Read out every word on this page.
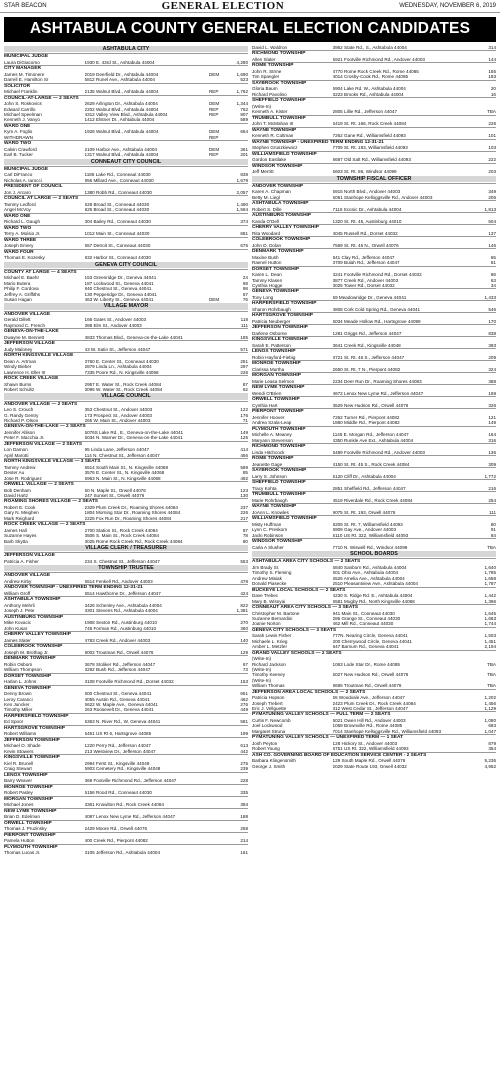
STAR BEACON	GENERAL ELECTION	WEDNESDAY, NOVEMBER 6, 2019
ASHTABULA COUNTY GENERAL ELECTION CANDIDATES
ASHTABULA CITY
MUNICIPAL JUDGE
Laura DiGiacomo	1930 E. 43rd St., Ashtabula 44004	4,280
CITY MANAGER
James M. Timonere	2019 Deerfield Dr., Ashtabula 44004	DEM	1,690
Darrell E. Hamilton Sr	5812 Runel Ave., Ashtabula 44004	523
SOLICITOR
Michael Franklin	2135 Walnut Blvd., Ashtabula 44004	REP	1,762
COUNCIL-AT-LARGE — 2 SEATS
John S. Roskovics	2629 Arlington Dr., Ashtabula 44004	DEM	1,344
Edward Carrillo	2202 Walnut Blvd., Ashtabula 44004	REP	762
Michael Speelman	4312 Valley View Blvd., Ashtabula 44004	REP	807
Kenneth J. Vanyo	1412 Elstner Dr., Ashtabula 44004	589
WARD ONE
Kym A. Foglio	1926 Walnut Blvd., Ashtabula 44004	DEM	664
WITHDRAWN	REP
WARD TWO
Calvin Crawford	2109 Harbor Ave., Ashtabula 44004	DEM	361
Earl B. Tucker	1317 Walnut Blvd., Ashtabula 44004	REP	201
CONNEAUT CITY COUNCIL
MUNICIPAL JUDGE
Carl DiFranco	1185 Lake Rd., Conneaut 44030	838
Nicholas A. Iarocci	856 Millard Ave., Conneaut 44030	1,679
PRESIDENT OF COUNCIL
Jon J. Arcaro	1380 Robb Rd., Conneaut 44030	2,057
COUNCIL AT LARGE — 2 SEATS
Tammy Ledford	628 Broad St., Conneaut 44030	1,490
Angel McVoy	925 Broad St., Conneaut 44030	1,594
WARD ONE
Richard L. Gaugh	304 Bailey Rd., Conneaut 44030	374
WARD TWO
Terry A. Moisio Jr.	1012 Main St., Conneaut 44030	681
WARD THREE
Joseph Emery	657 Detroit St., Conneaut 44030	675
WARD FOUR
Thomas E. Kozesky	832 Harbor St., Conneaut 44030
GENEVA CITY COUNCIL
COUNTY AT LARGE — 4 SEATS
Michael E. Baehr	153 Greenridge Dr., Geneva 44041	24
Mario Butera	187 Lockwood St., Geneva 44041	69
Philip F. Cordova	840 Chestnut St., Geneva 44041	98
Jeffrey A. Griffiths	130 Pepperidge Dr., Geneva 44041	67
Susan Hagan	463 W. Liberty St., Geneva 44041	DEM	76
VILLAGE MAYOR
ANDOVER VILLAGE
Gerald Dillett	166 Gates St., Andover 44003	118
Raymond C. French	388 Elm St., Andover 44003	111
GENEVA-ON-THE-LAKE
Dwayne M. Bennett	4833 Thomas Blvd., Geneva-on-the-Lake 44041	185
JEFFERSON VILLAGE
Judy Maloney	43 W. Satin St., Jefferson 44047	571
NORTH KINGSVILLE VILLAGE
Dean A. Artman	3760 E. Center St., Conneaut 44030	251
Windy Bieber	2879 Linda Ln., Ashtabula 44004	297
Lawrence H. Eller III	7335 Poore Rd., N. Kingsville 44068	226
ROCK CREEK VILLAGE
Shawn Burns	2957 E. Water St., Rock Creek 44084	87
Robert Schultz	3096 W. Water St., Rock Creek 44084	62
VILLAGE COUNCIL
ANDOVER VILLAGE — 2 SEATS
Leo S. Crouch	353 Chestnut St., Andover 44003	122
G. Randy Gentry	173 Prospect St., Andover 44003	176
Richard P. Olson	265 W. Main St., Andover 44003	71
GENEVA-ON-THE-LAKE — 2 SEATS
Jennifer Allison	5076S Lake Rd., E., Geneva-on-the-Lake 44041	149
Peter F. Macchia Jr.	5034 N. Warner Dr., Geneva-on-the-Lake 44041	125
JEFFERSON VILLAGE — 2 SEATS
Lon Damon	95 Linda Lane, Jefferson 44047	414
April Marotti	114 N. Chestnut St., Jefferson 44047	456
NORTH KINGSVILLE VILLAGE — 3 SEATS
Tammy Andrew	6514 South Main St., N. Kingsville 44068	589
Dexter Au	3576 E. Center St., N. Kingsville 44068	85
Jose R. Rodriguez	6963 N. Main St., N. Kingsville 44068	492
ORWELL VILLAGE — 2 SEATS
Bob Denham	50 N. Maple St., Orwell 44076	123
David Hartz	247 Sunset St., Orwell 44076	130
ROAMING SHORES VILLAGE — 2 SEATS
Robert E. Cook	2329 Plum Creek Dr., Roaming Shores 44084	237
Gary N. Meighen	1804 Morning Star Dr., Roaming Shores 44084	226
Mark Reighard	2225 Fox Run Dr., Roaming Shores 44084	217
ROCK CREEK VILLAGE — 2 SEATS
James Hall	2700 Station St., Rock Creek 44084	87
Suzanne Hayes	3506 S. Main St., Rock Creek 44084	78
Barb Skytta	3025 Rome Rock Creek Rd., Rock Creek 44084	80
VILLAGE CLERK / TREASURER
JEFFERSON VILLAGE
Patricia A. Fisher	234 S. Chestnut St., Jefferson 44047	553
TOWNSHIP TRUSTEE
ANDOVER VILLAGE
Andrew Kirby	6514 Fenkell Rd., Andover 44003	478
ANDOVER TOWNSHIP - UNEXPIRED TERM ENDING 12-31-21
William Groff	6514 Hawthorne Dr., Jefferson 44047	424
ASHTABULA TOWNSHIP
Anthony Mehrli	3426 Schenley Ave., Ashtabula 44004	822
Joseph J. Pete	3301 Stevens Rd., Ashtabula 44004	1,381
AUSTINBURG TOWNSHIP
Mike Kovacic	1908 Sexton Rd., Austinburg 44010	270
John Kusar	745 Forman Rd., Austinburg 44010	360
CHERRY VALLEY TOWNSHIP
James Slater	4783 Creek Rd., Andover 44003	140
COLEBROOK TOWNSHIP
Joseph M. Brothag Jr.	8002 Troutman Rd., Orwell 44076	129
DENMARK TOWNSHIP
Robin Osborn	3678 Stoliker Rd., Jefferson 44047	67
William Thompson	3292 Bush Rd., Jefferson 44047	73
DORSET TOWNSHIP
Harlan L. Johns	3108 Footville Richmond Rd., Dorset 44032	153
GENEVA TOWNSHIP
Denny Brown	600 Chestnut St., Geneva 44041	661
Leroy Caranci	4055 Austin Rd., Geneva 44041	462
Ken Juncker	6622 W. Maple Ave., Geneva 44041	276
Timothy Miller	263 Roosevelt Dr., Geneva 44041	449
HARPERSFIELD TOWNSHIP
Ed Spoor	5363 N. River Rd., W. Geneva 44041	581
HARTSGROVE TOWNSHIP
Robert Williams	5451 US Rt 6, Hartsgrove 44085	199
JEFFERSON TOWNSHIP
Michael O. Shade	1220 Perry Rd., Jefferson 44047	613
Kevin Stowers	213 Westview Dr., Jefferson 44047	442
KINGSVILLE TOWNSHIP
Kiel R. Brunell	2994 Ferst St., Kingsville 44048	275
Craig Stewart	5903 Cemetery Rd., Kingsville 44048	239
LENOX TOWNSHIP
Barry Weaver	369 Footville Richmond Rd., Jefferson 44047	228
MONROE TOWNSHIP
Robert Pasley	5156 Rood Rd., Conneaut 44030	335
MORGAN TOWNSHIP
Michael Jones	3361 Knowlton Rd., Rock Creek 44084	394
NEW LYME TOWNSHIP
Brian D. Edelman	4087 Lenox New Lyme Rd., Jefferson 44047	188
ORWELL TOWNSHIP
Thomas J. Pruzinsky	2429 Moore Rd., Orwell 44076	258
PIERPONT TOWNSHIP
Pamela Hutton	400 Creek Rd., Pierpont 44082	214
PLYMOUTH TOWNSHIP
Thomas Lucas Jr.	3105 Jefferson Rd., Ashtabula 44004	161
David L. Waldron	3962 State Rd., S., Ashtabula 44004	314
RICHMOND TOWNSHIP
Allen Slater	5921 Footville Richmond Rd., Andover 44003	144
ROME TOWNSHIP
John R. Strme	4770 Rome Rock Creek Rd., Rome 44085	165
Tim Spangler	4014 Crosby-Cook Rd., Rome 44085	183
SAYBROOK TOWNSHIP
Gloria Baum	5904 Lake Rd. W., Ashtabula 44004	20
Richard Pavolino	3223 Brooks Rd., Ashtabula 44004	16
SHEFFIELD TOWNSHIP
(Write-In)
Kenneth A. Kister	2805 Lillie Rd., Jefferson 44047	TBA
TRUMBULL TOWNSHIP
John T. McMahan III	6419 St. Rt. 166, Rock Creek 44084	226
WAYNE TOWNSHIP
Kenneth R. Coltman	7262 Gane Rd., Williamsfield 44093	101
WAYNE TOWNSHIP - UNEXPIRED TERM ENDING 12-31-21
Stephen Gruszkiewicz	7709 St. Rt. 193, Williamsfield 44093	103
WILLIAMSFIELD TOWNSHIP
Gordon Eastlake	8687 Old Salt Rd., Williamsfield 44093	222
WINDSOR TOWNSHIP
Jeff Merritt	5603 St. Rt. 86, Windsor 44099	203
TOWNSHIP FISCAL OFFICER
ANDOVER TOWNSHIP
Karen A. Chapman	6915 North Blvd., Andover 44003	349
Betty M. Liegl	5051 Stanhope Kelloggsville Rd., Andover 44003	206
ASHTABULA TOWNSHIP
Robert S. Dille	7116 Sconic Dr., Ashtabula 44004	1,813
AUSTINBURG TOWNSHIP
Kanda O'Dell	1320 St. Rt. 45, Austinburg 44010	504
CHERRY VALLEY TOWNSHIP
Rita Woodard	4045 Russell Rd., Dorset 44032	137
COLEBROOK TOWNSHIP
John D. Dolan	7569 St. Rt. 46 N., Orwell 44076	146
DENMARK TOWNSHIP
Maxine Bush	841 Clay Rd., Jefferson 44047	65
Raenel Hutton	3709 Bulah Rd., Jefferson 44047	81
DORSET TOWNSHIP
Karen L. Dean	3241 Footville Richmond Rd., Dorset 44032	86
Tammy Klasen	3877 Creek Rd., Andover 44003	63
Cynthia Hogge	3025 Tower Rd., Dorset 44032	34
GENEVA TOWNSHIP
Tony Long	59 Meadowridge Dr., Geneva 44041	1,433
HARPERSFIELD TOWNSHIP
Sharon Rohrbaugh	4808 Cork Cold Spring Rd., Geneva 44041	546
HARTSGROVE TOWNSHIP
Patricia Neuberger	6034 Meade Hollow Rd., Hartsgrove 44099	170
JEFFERSON TOWNSHIP
Darlene Osborne	1281 Griggs Rd., Jefferson 44047	838
KINGSVILLE TOWNSHIP
Sarah E. Patterson	3641 Creek Rd., Kingsville 44048	393
LENOX TOWNSHIP
Robin Hayford-Fiebig	3721 St. Rt. 46 S., Jefferson 44047	209
MONROE TOWNSHIP
Clarissa Murtha	2650 St. Rt. 7 N., Pierpont 44082	324
MORGAN TOWNSHIP
Marie Leasa Selmon	2234 Deer Run Dr., Roaming Shores 44083	388
NEW LYME TOWNSHIP
Wendi O'Brien	4672 Lenox New Lyme Rd., Jefferson 44047	169
ORWELL TOWNSHIP
Cynthia Hart	3529 New Hudson Rd., Orwell 44076	326
PIERPONT TOWNSHIP
Jennifer Hoover	7262 Turner Rd., Pierpont 44082	121
Andrea Szala-Leap	1860 Middle Rd., Pierpont 44082	149
PLYMOUTH TOWNSHIP
Michelle A. Meaney	1145 E. Morgan Rd., Jefferson 44047	164
Maryann Stevenson	4350 Runkle Ave Ext., Ashtabula 44004	316
RICHMOND TOWNSHIP
Linda Hitchcock	6489 Footville Richmond Rd., Andover 44003	136
ROME TOWNSHIP
Jeanette Gage	4150 St. Rt. 45 S., Rock Creek 44084	309
SAYBROOK TOWNSHIP
Larry S. Johnson	5120 Cliff Dr., Ashtabula 44004	1,772
SHEFFIELD TOWNSHIP
Tracy Kohta	2851 Sheffield Rd., Jefferson 44047	216
TRUMBULL TOWNSHIP
Marie Rohrbaugh	4519 Riverdale Rd., Rock Creek 44084	254
WAYNE TOWNSHIP
JoAnn L. Knowles	9075 St. Rt. 193, Orwell 44076	111
WILLIAMSFIELD TOWNSHIP
Misty Huffman	8209 St. Rt. 7, Williamsfield 44093	80
Lynn C. Preskorn	6909 Gay Ave., Andover 44003	91
Jacki Robinson	5110 US Rt. 322, Williamsfield 44093	84
WINDSOR TOWNSHIP
Carla A Slusher	7710 N. Wiswell Rd., Windsor 44099	TBA
SCHOOL BOARDS
ASHTABULA AREA CITY SCHOOLS — 2 SEATS
Jim Brady Sr.	6840 Sanborn Rd., Ashtabula 44004	1,640
Timothy S. Fleming	601 Ohio Ave., Ashtabula 44004	1,785
Andrew Misiak	6526 Amelia Ave., Ashtabula 44004	1,658
Donald Piasecke	2510 Pleasantview Ave., Ashtabula 44004	1,787
BUCKEYE LOCAL SCHOOLS — 2 SEATS
Dave Trebec	4230 S. Ridge Rd. E., Ashtabula 44004	1,442
Mary B. Wisnyai	6581 Mugby Rd., North Kingsville 44068	1,396
CONNEAUT AREA CITY SCHOOLS — 3 SEATS
Christopher M. Bartone	941 Main St., Conneaut 44030	1,645
Suzanne Bernardini	286 Grange St., Conneaut 44030	1,663
Joanie Norton	462 Mill Rd., Conneaut 44030	1,744
GENEVA CITY SCHOOLS — 3 SEATS
Sarah Lewis Fisher	777N. Nearing Circle, Geneva 44041	1,503
Michaele L. Krieg	200 Cherrywood Circle, Geneva 44041	1,451
Amber L. Metzler	847 Barnum Rd., Geneva 44041	2,194
GRAND VALLEY SCHOOLS — 2 SEATS
(Write-In)
Richard Jackson	1063 Lode Star Dr., Rome 44085	TBA
(Write-In)
Timothy Keeney	5027 New Hudson Rd., Orwell 44076	TBA
(Write-In)
William Thomas	8695 Troutman Rd., Orwell 44076	TBA
JEFFERSON AREA LOCAL SCHOOLS — 2 SEATS
Patricia Hopson	55 Woodvale Ave., Jefferson 44047	1,202
Joseph Trebert	2423 Plum Creek Dr., Rock Creek 44084	1,456
Eric J. Vellguette	312 West Cedar St., Jefferson 44047	1,129
PYMATUNING VALLEY SCHOOLS — FULL TERM — 2 SEATS
Curtis F. Newcomb	5021 Owen Hill Rd., Andover 44003	1,080
Joel Lockwood	1069 Brownville Rd., Rome 44085	683
Margaret Struna	7014 Stanhope Kelloggsville Rd., Williamsfield 44093	1,047
PYMATUNING VALLEY SCHOOLS — UNEXPIRED TERM — 1 SEAT
Josh Peyton	128 Hickory St., Andover 44003	879
Robert Young	6751 US Rt. 322, Williamsfield 44093	354
ASH CO. GOVERNING BOARD OF EDUCATION SERVICE CENTER - 2 SEATS
Barbara Klingensmith	129 South Maple Rd., Orwell 44076	5,236
George J. Smith	2029 State Route 193, Orwell 44032	4,952
